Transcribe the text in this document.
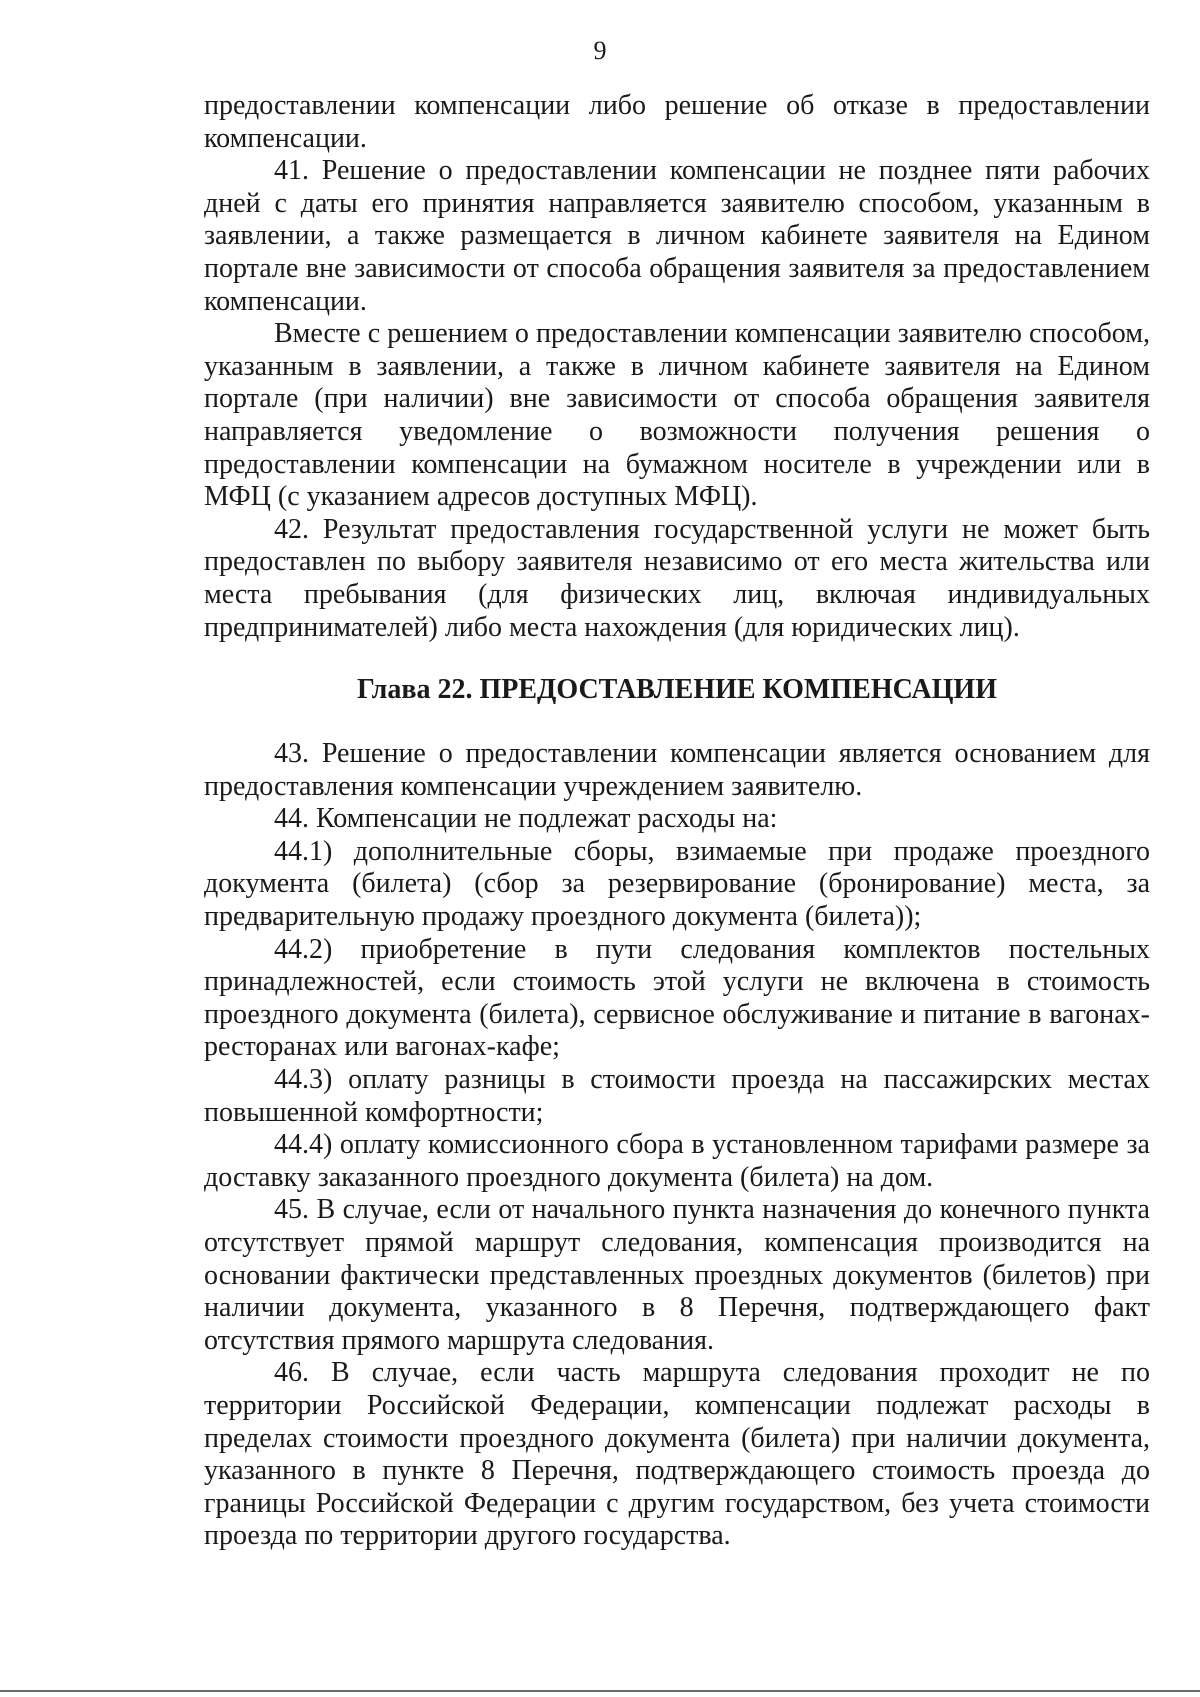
9

предоставлении компенсации либо решение об отказе в предоставлении компенсации.

41. Решение о предоставлении компенсации не позднее пяти рабочих дней с даты его принятия направляется заявителю способом, указанным в заявлении, а также размещается в личном кабинете заявителя на Едином портале вне зависимости от способа обращения заявителя за предоставлением компенсации.

Вместе с решением о предоставлении компенсации заявителю способом, указанным в заявлении, а также в личном кабинете заявителя на Едином портале (при наличии) вне зависимости от способа обращения заявителя направляется уведомление о возможности получения решения о предоставлении компенсации на бумажном носителе в учреждении или в МФЦ (с указанием адресов доступных МФЦ).

42. Результат предоставления государственной услуги не может быть предоставлен по выбору заявителя независимо от его места жительства или места пребывания (для физических лиц, включая индивидуальных предпринимателей) либо места нахождения (для юридических лиц).

Глава 22. ПРЕДОСТАВЛЕНИЕ КОМПЕНСАЦИИ

43. Решение о предоставлении компенсации является основанием для предоставления компенсации учреждением заявителю.

44. Компенсации не подлежат расходы на:

44.1) дополнительные сборы, взимаемые при продаже проездного документа (билета) (сбор за резервирование (бронирование) места, за предварительную продажу проездного документа (билета));

44.2) приобретение в пути следования комплектов постельных принадлежностей, если стоимость этой услуги не включена в стоимость проездного документа (билета), сервисное обслуживание и питание в вагонах-ресторанах или вагонах-кафе;

44.3) оплату разницы в стоимости проезда на пассажирских местах повышенной комфортности;

44.4) оплату комиссионного сбора в установленном тарифами размере за доставку заказанного проездного документа (билета) на дом.

45. В случае, если от начального пункта назначения до конечного пункта отсутствует прямой маршрут следования, компенсация производится на основании фактически представленных проездных документов (билетов) при наличии документа, указанного в 8 Перечня, подтверждающего факт отсутствия прямого маршрута следования.

46. В случае, если часть маршрута следования проходит не по территории Российской Федерации, компенсации подлежат расходы в пределах стоимости проездного документа (билета) при наличии документа, указанного в пункте 8 Перечня, подтверждающего стоимость проезда до границы Российской Федерации с другим государством, без учета стоимости проезда по территории другого государства.
